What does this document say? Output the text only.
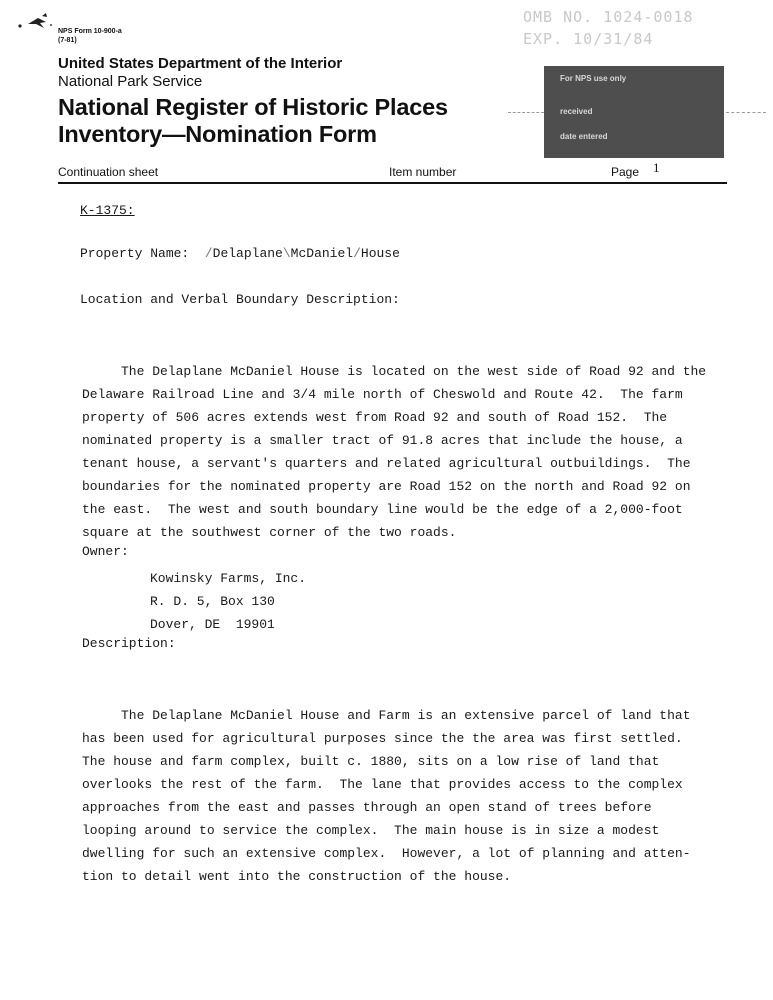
NPS Form 10-900-a
(7-81)
United States Department of the Interior
National Park Service
National Register of Historic Places
Inventory—Nomination Form
OMB NO. 1024-0018
EXP. 10/31/84
For NPS use only
received
date entered
Continuation sheet	Item number	Page 1
K-1375:
Property Name: /Delaplane\McDaniel/House
Location and Verbal Boundary Description:

The Delaplane McDaniel House is located on the west side of Road 92 and the
Delaware Railroad Line and 3/4 mile north of Cheswold and Route 42.  The farm
property of 506 acres extends west from Road 92 and south of Road 152.  The
nominated property is a smaller tract of 91.8 acres that include the house, a
tenant house, a servant's quarters and related agricultural outbuildings.  The
boundaries for the nominated property are Road 152 on the north and Road 92 on
the east.  The west and south boundary line would be the edge of a 2,000-foot
square at the southwest corner of the two roads.

Owner:

Kowinsky Farms, Inc.
R. D. 5, Box 130
Dover, DE  19901

Description:

The Delaplane McDaniel House and Farm is an extensive parcel of land that
has been used for agricultural purposes since the the area was first settled.
The house and farm complex, built c. 1880, sits on a low rise of land that
overlooks the rest of the farm.  The lane that provides access to the complex
approaches from the east and passes through an open stand of trees before
looping around to service the complex.  The main house is in size a modest
dwelling for such an extensive complex.  However, a lot of planning and atten-
tion to detail went into the construction of the house.
